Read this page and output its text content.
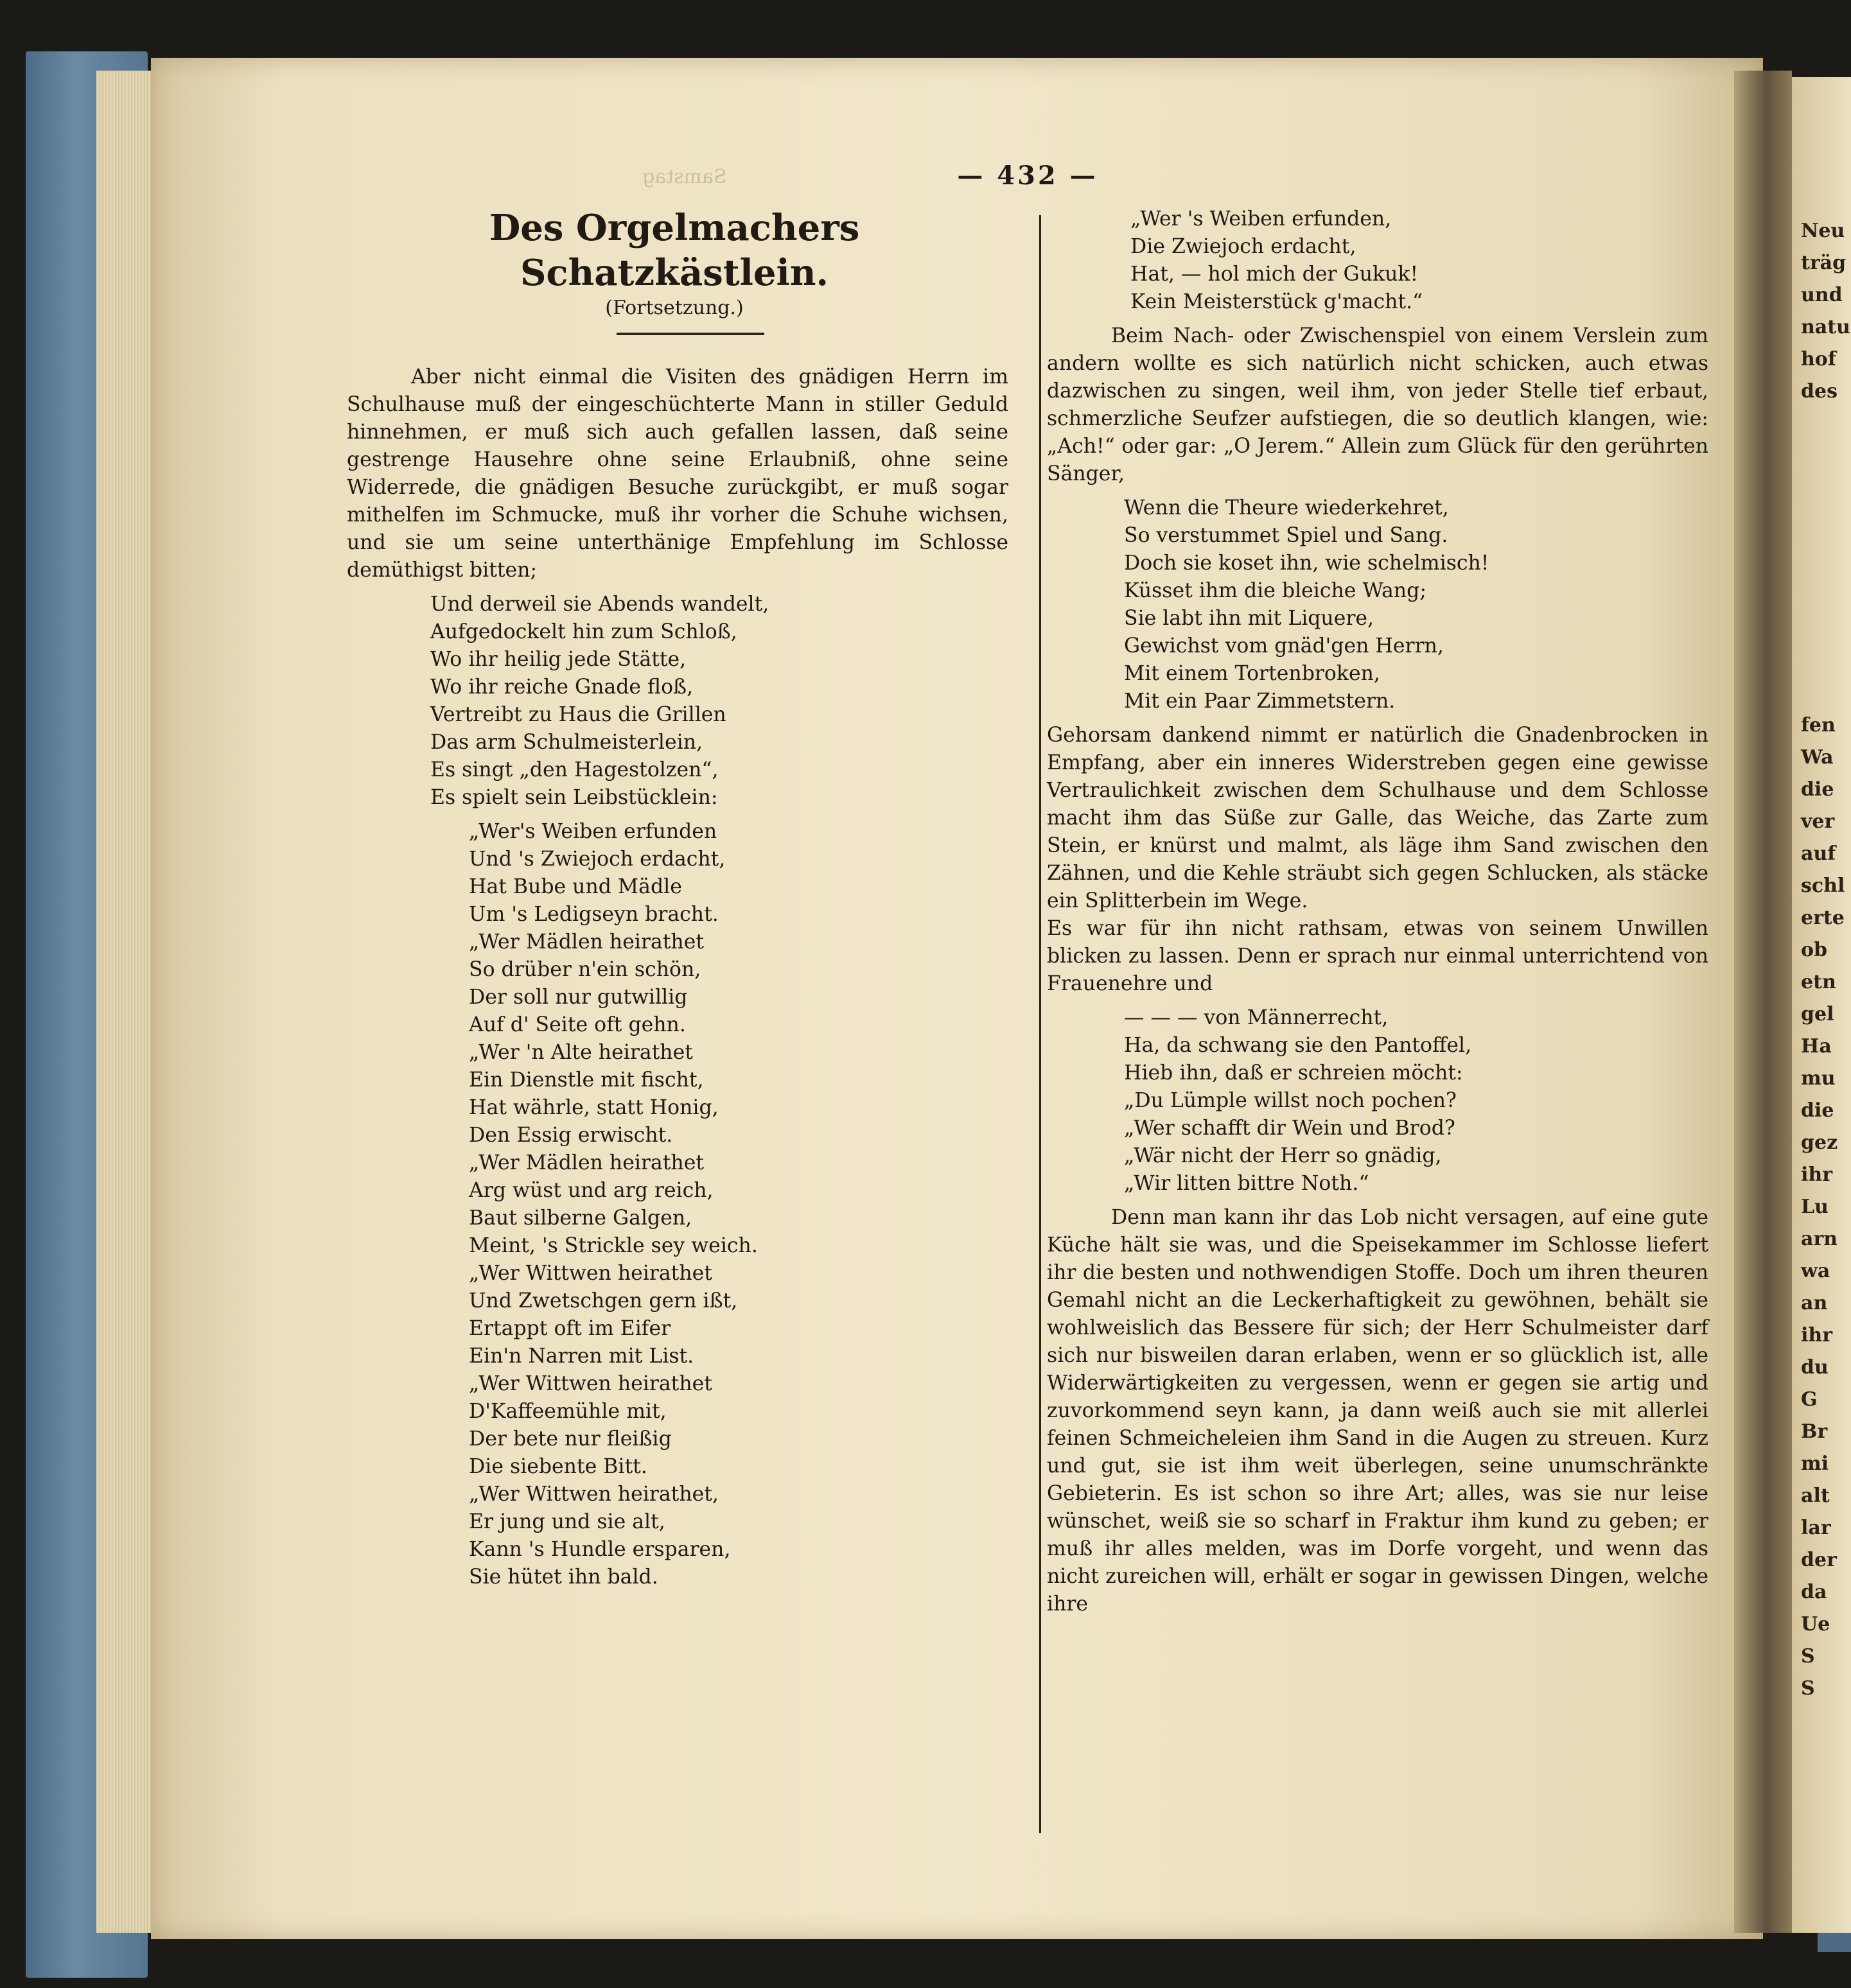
Neu
träg
und
natu
hof
des
fen
Wa
die
ver
auf
schl
erte
ob
etn
gel
Ha
mu
die
gez
ihr
Lu
arn
wa
an
ihr
du
G
Br
mi
alt
lar
der
da
Ue
S
S
Samstag	— 432 —
Des Orgelmachers Schatzkästlein.
(Fortsetzung.)

Aber nicht einmal die Visiten des gnädigen Herrn im Schulhause muß der eingeschüchterte Mann in stiller Geduld hinnehmen, er muß sich auch gefallen lassen, daß seine gestrenge Hausehre ohne seine Erlaubniß, ohne seine Widerrede, die gnädigen Besuche zurückgibt, er muß sogar mithelfen im Schmucke, muß ihr vorher die Schuhe wichsen, und sie um seine unterthänige Empfehlung im Schlosse demüthigst bitten;

Und derweil sie Abends wandelt,
Aufgedockelt hin zum Schloß,
Wo ihr heilig jede Stätte,
Wo ihr reiche Gnade floß,
Vertreibt zu Haus die Grillen
Das arm Schulmeisterlein,
Es singt „den Hagestolzen“,
Es spielt sein Leibstücklein:
„Wer's Weiben erfunden
Und 's Zwiejoch erdacht,
Hat Bube und Mädle
Um 's Ledigseyn bracht.
„Wer Mädlen heirathet
So drüber n'ein schön,
Der soll nur gutwillig
Auf d' Seite oft gehn.
„Wer 'n Alte heirathet
Ein Dienstle mit fischt,
Hat währle, statt Honig,
Den Essig erwischt.
„Wer Mädlen heirathet
Arg wüst und arg reich,
Baut silberne Galgen,
Meint, 's Strickle sey weich.
„Wer Wittwen heirathet
Und Zwetschgen gern ißt,
Ertappt oft im Eifer
Ein'n Narren mit List.
„Wer Wittwen heirathet
D'Kaffeemühle mit,
Der bete nur fleißig
Die siebente Bitt.
„Wer Wittwen heirathet,
Er jung und sie alt,
Kann 's Hundle ersparen,
Sie hütet ihn bald.
„Wer 's Weiben erfunden,
Die Zwiejoch erdacht,
Hat, — hol mich der Gukuk!
Kein Meisterstück g'macht.“

Beim Nach- oder Zwischenspiel von einem Verslein zum andern wollte es sich natürlich nicht schicken, auch etwas dazwischen zu singen, weil ihm, von jeder Stelle tief erbaut, schmerzliche Seufzer aufstiegen, die so deutlich klangen, wie: „Ach!“ oder gar: „O Jerem.“ Allein zum Glück für den gerührten Sänger,

Wenn die Theure wiederkehret,
So verstummet Spiel und Sang.
Doch sie koset ihn, wie schelmisch!
Küsset ihm die bleiche Wang;
Sie labt ihn mit Liquere,
Gewichst vom gnäd'gen Herrn,
Mit einem Tortenbroken,
Mit ein Paar Zimmetstern.

Gehorsam dankend nimmt er natürlich die Gnadenbrocken in Empfang, aber ein inneres Widerstreben gegen eine gewisse Vertraulichkeit zwischen dem Schulhause und dem Schlosse macht ihm das Süße zur Galle, das Weiche, das Zarte zum Stein, er knürst und malmt, als läge ihm Sand zwischen den Zähnen, und die Kehle sträubt sich gegen Schlucken, als stäcke ein Splitterbein im Wege.

Es war für ihn nicht rathsam, etwas von seinem Unwillen blicken zu lassen. Denn er sprach nur einmal unterrichtend von Frauenehre und

— — — von Männerrecht,
Ha, da schwang sie den Pantoffel,
Hieb ihn, daß er schreien möcht:
„Du Lümple willst noch pochen?
„Wer schafft dir Wein und Brod?
„Wär nicht der Herr so gnädig,
„Wir litten bittre Noth.“

Denn man kann ihr das Lob nicht versagen, auf eine gute Küche hält sie was, und die Speisekammer im Schlosse liefert ihr die besten und nothwendigen Stoffe. Doch um ihren theuren Gemahl nicht an die Leckerhaftigkeit zu gewöhnen, behält sie wohlweislich das Bessere für sich; der Herr Schulmeister darf sich nur bisweilen daran erlaben, wenn er so glücklich ist, alle Widerwärtigkeiten zu vergessen, wenn er gegen sie artig und zuvorkommend seyn kann, ja dann weiß auch sie mit allerlei feinen Schmeicheleien ihm Sand in die Augen zu streuen. Kurz und gut, sie ist ihm weit überlegen, seine unumschränkte Gebieterin. Es ist schon so ihre Art; alles, was sie nur leise wünschet, weiß sie so scharf in Fraktur ihm kund zu geben; er muß ihr alles melden, was im Dorfe vorgeht, und wenn das nicht zureichen will, erhält er sogar in gewissen Dingen, welche ihre
